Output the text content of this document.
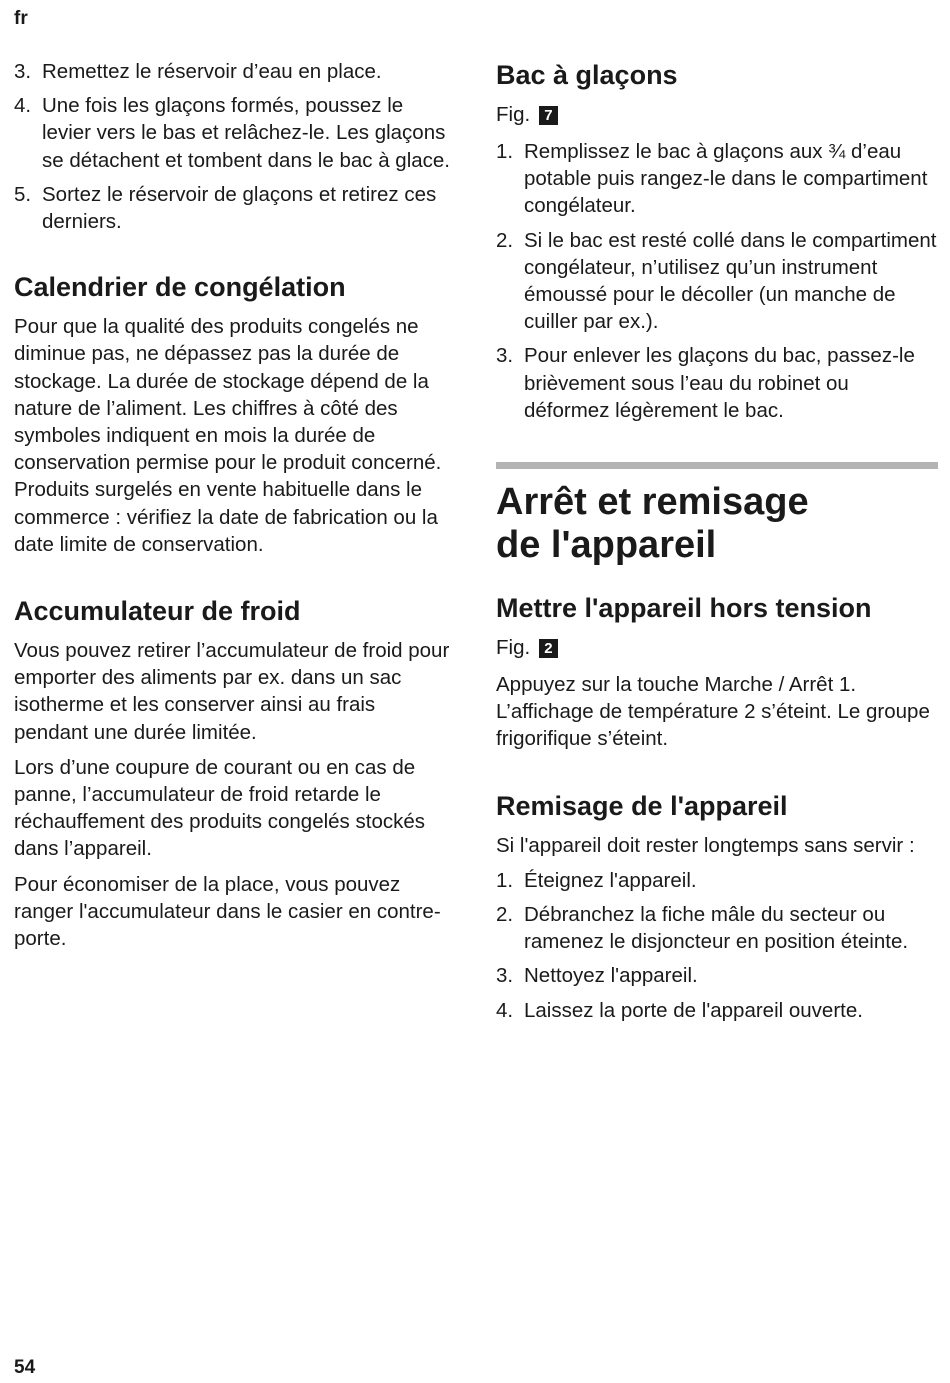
fr
3. Remettez le réservoir d’eau en place.
4. Une fois les glaçons formés, poussez le levier vers le bas et relâchez-le. Les glaçons se détachent et tombent dans le bac à glace.
5. Sortez le réservoir de glaçons et retirez ces derniers.
Calendrier de congélation

Pour que la qualité des produits congelés ne diminue pas, ne dépassez pas la durée de stockage. La durée de stockage dépend de la nature de l’aliment. Les chiffres à côté des symboles indiquent en mois la durée de conservation permise pour le produit concerné. Produits surgelés en vente habituelle dans le commerce : vérifiez la date de fabrication ou la date limite de conservation.

Accumulateur de froid

Vous pouvez retirer l’accumulateur de froid pour emporter des aliments par ex. dans un sac isotherme et les conserver ainsi au frais pendant une durée limitée.

Lors d’une coupure de courant ou en cas de panne, l’accumulateur de froid retarde le réchauffement des produits congelés stockés dans l’appareil.

Pour économiser de la place, vous pouvez ranger l'accumulateur dans le casier en contre-porte.

Bac à glaçons
Fig. 7
1. Remplissez le bac à glaçons aux ¾ d’eau potable puis rangez-le dans le compartiment congélateur.
2. Si le bac est resté collé dans le compartiment congélateur, n’utilisez qu’un instrument émoussé pour le décoller (un manche de cuiller par ex.).
3. Pour enlever les glaçons du bac, passez-le brièvement sous l’eau du robinet ou déformez légèrement le bac.
Arrêt et remisage
de l'appareil
Mettre l'appareil hors tension
Fig. 2

Appuyez sur la touche Marche / Arrêt 1. L’affichage de température 2 s’éteint. Le groupe frigorifique s’éteint.

Remisage de l'appareil

Si l'appareil doit rester longtemps sans servir :

1. Éteignez l'appareil.
2. Débranchez la fiche mâle du secteur ou ramenez le disjoncteur en position éteinte.
3. Nettoyez l'appareil.
4. Laissez la porte de l'appareil ouverte.
54
